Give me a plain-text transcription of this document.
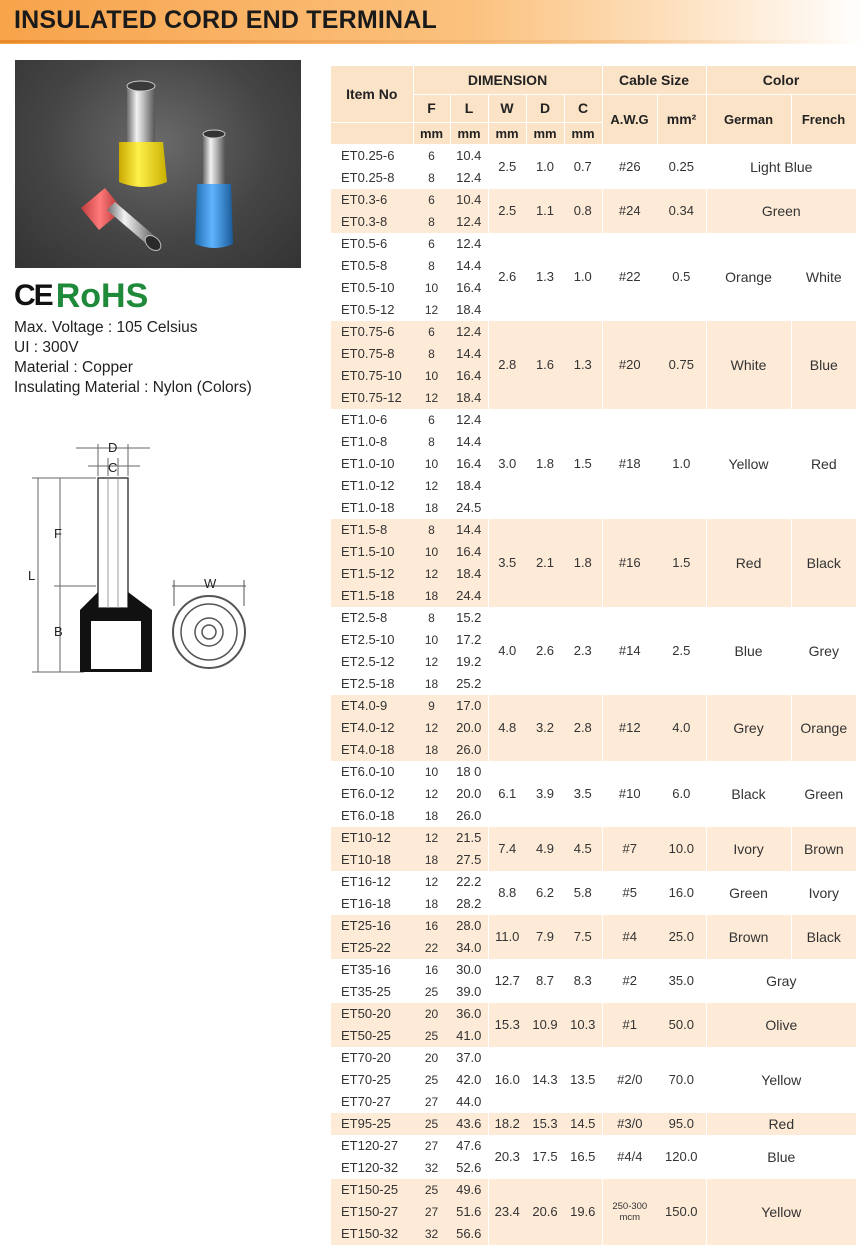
INSULATED CORD END TERMINAL
CE RoHS
Max. Voltage : 105 Celsius
UI : 300V
Material : Copper
Insulating Material : Nylon (Colors)
D
C
F
L
B
W
Item No	DIMENSION					Cable Size		Color	
	F	L	W	D	C	A.W.G	mm²	German	French
	mm	mm	mm	mm	mm				
ET0.25-6	6	10.4	2.5	1.0	0.7	#26	0.25	Light Blue	
ET0.25-8	8	12.4							
ET0.3-6	6	10.4	2.5	1.1	0.8	#24	0.34	Green	
ET0.3-8	8	12.4							
ET0.5-6	6	12.4	2.6	1.3	1.0	#22	0.5	Orange	White
ET0.5-8	8	14.4							
ET0.5-10	10	16.4							
ET0.5-12	12	18.4							
ET0.75-6	6	12.4	2.8	1.6	1.3	#20	0.75	White	Blue
ET0.75-8	8	14.4							
ET0.75-10	10	16.4							
ET0.75-12	12	18.4							
ET1.0-6	6	12.4	3.0	1.8	1.5	#18	1.0	Yellow	Red
ET1.0-8	8	14.4							
ET1.0-10	10	16.4							
ET1.0-12	12	18.4							
ET1.0-18	18	24.5							
ET1.5-8	8	14.4	3.5	2.1	1.8	#16	1.5	Red	Black
ET1.5-10	10	16.4							
ET1.5-12	12	18.4							
ET1.5-18	18	24.4							
ET2.5-8	8	15.2	4.0	2.6	2.3	#14	2.5	Blue	Grey
ET2.5-10	10	17.2							
ET2.5-12	12	19.2							
ET2.5-18	18	25.2							
ET4.0-9	9	17.0	4.8	3.2	2.8	#12	4.0	Grey	Orange
ET4.0-12	12	20.0							
ET4.0-18	18	26.0							
ET6.0-10	10	18 0	6.1	3.9	3.5	#10	6.0	Black	Green
ET6.0-12	12	20.0							
ET6.0-18	18	26.0							
ET10-12	12	21.5	7.4	4.9	4.5	#7	10.0	Ivory	Brown
ET10-18	18	27.5							
ET16-12	12	22.2	8.8	6.2	5.8	#5	16.0	Green	Ivory
ET16-18	18	28.2							
ET25-16	16	28.0	11.0	7.9	7.5	#4	25.0	Brown	Black
ET25-22	22	34.0							
ET35-16	16	30.0	12.7	8.7	8.3	#2	35.0	Gray	
ET35-25	25	39.0							
ET50-20	20	36.0	15.3	10.9	10.3	#1	50.0	Olive	
ET50-25	25	41.0							
ET70-20	20	37.0	16.0	14.3	13.5	#2/0	70.0	Yellow	
ET70-25	25	42.0							
ET70-27	27	44.0							
ET95-25	25	43.6	18.2	15.3	14.5	#3/0	95.0	Red	
ET120-27	27	47.6	20.3	17.5	16.5	#4/4	120.0	Blue	
ET120-32	32	52.6							
ET150-25	25	49.6	23.4	20.6	19.6	250-300 mcm	150.0	Yellow	
ET150-27	27	51.6							
ET150-32	32	56.6							
